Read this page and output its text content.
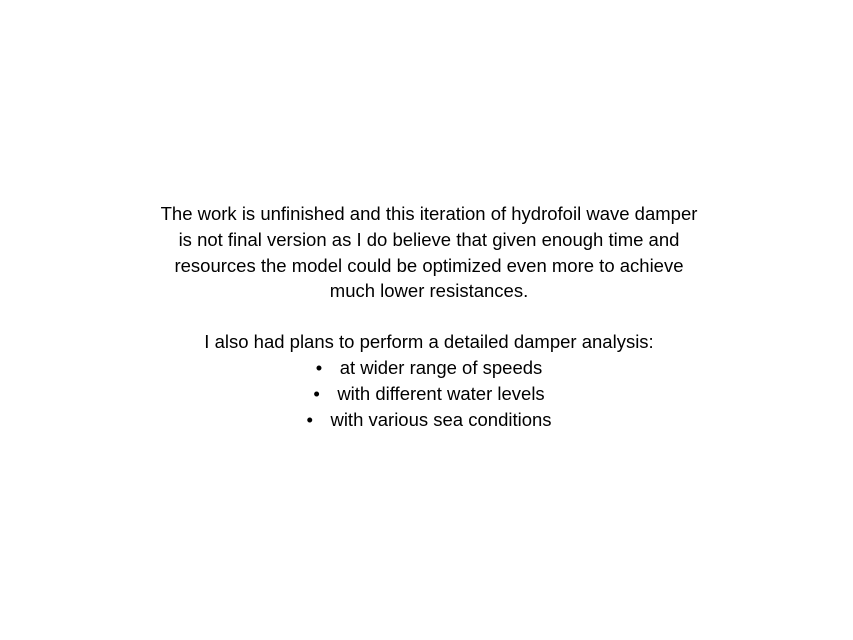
The work is unfinished and this iteration of hydrofoil wave damper
is not final version as I do believe that given enough time and
resources the model could be optimized even more to achieve
much lower resistances.

I also had plans to perform a detailed damper analysis:

• at wider range of speeds
• with different water levels
• with various sea conditions
